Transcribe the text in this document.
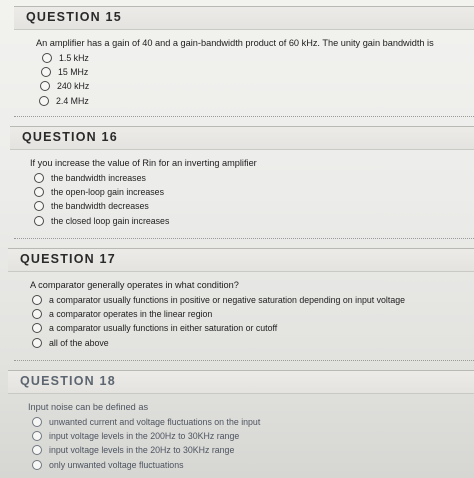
QUESTION 15
An amplifier has a gain of 40 and a gain-bandwidth product of 60 kHz. The unity gain bandwidth is
1.5 kHz
15 MHz
240 kHz
2.4 MHz
QUESTION 16
If you increase the value of Rin for an inverting amplifier
the bandwidth increases
the open-loop gain increases
the bandwidth decreases
the closed loop gain increases
QUESTION 17
A comparator generally operates in what condition?
a comparator usually functions in positive or negative saturation depending on input voltage
a comparator operates in the linear region
a comparator usually functions in either saturation or cutoff
all of the above
QUESTION 18
Input noise can be defined as
unwanted current and voltage fluctuations on the input
input voltage levels in the 200Hz to 30KHz range
input voltage levels in the 20Hz to 30KHz range
only unwanted voltage fluctuations
